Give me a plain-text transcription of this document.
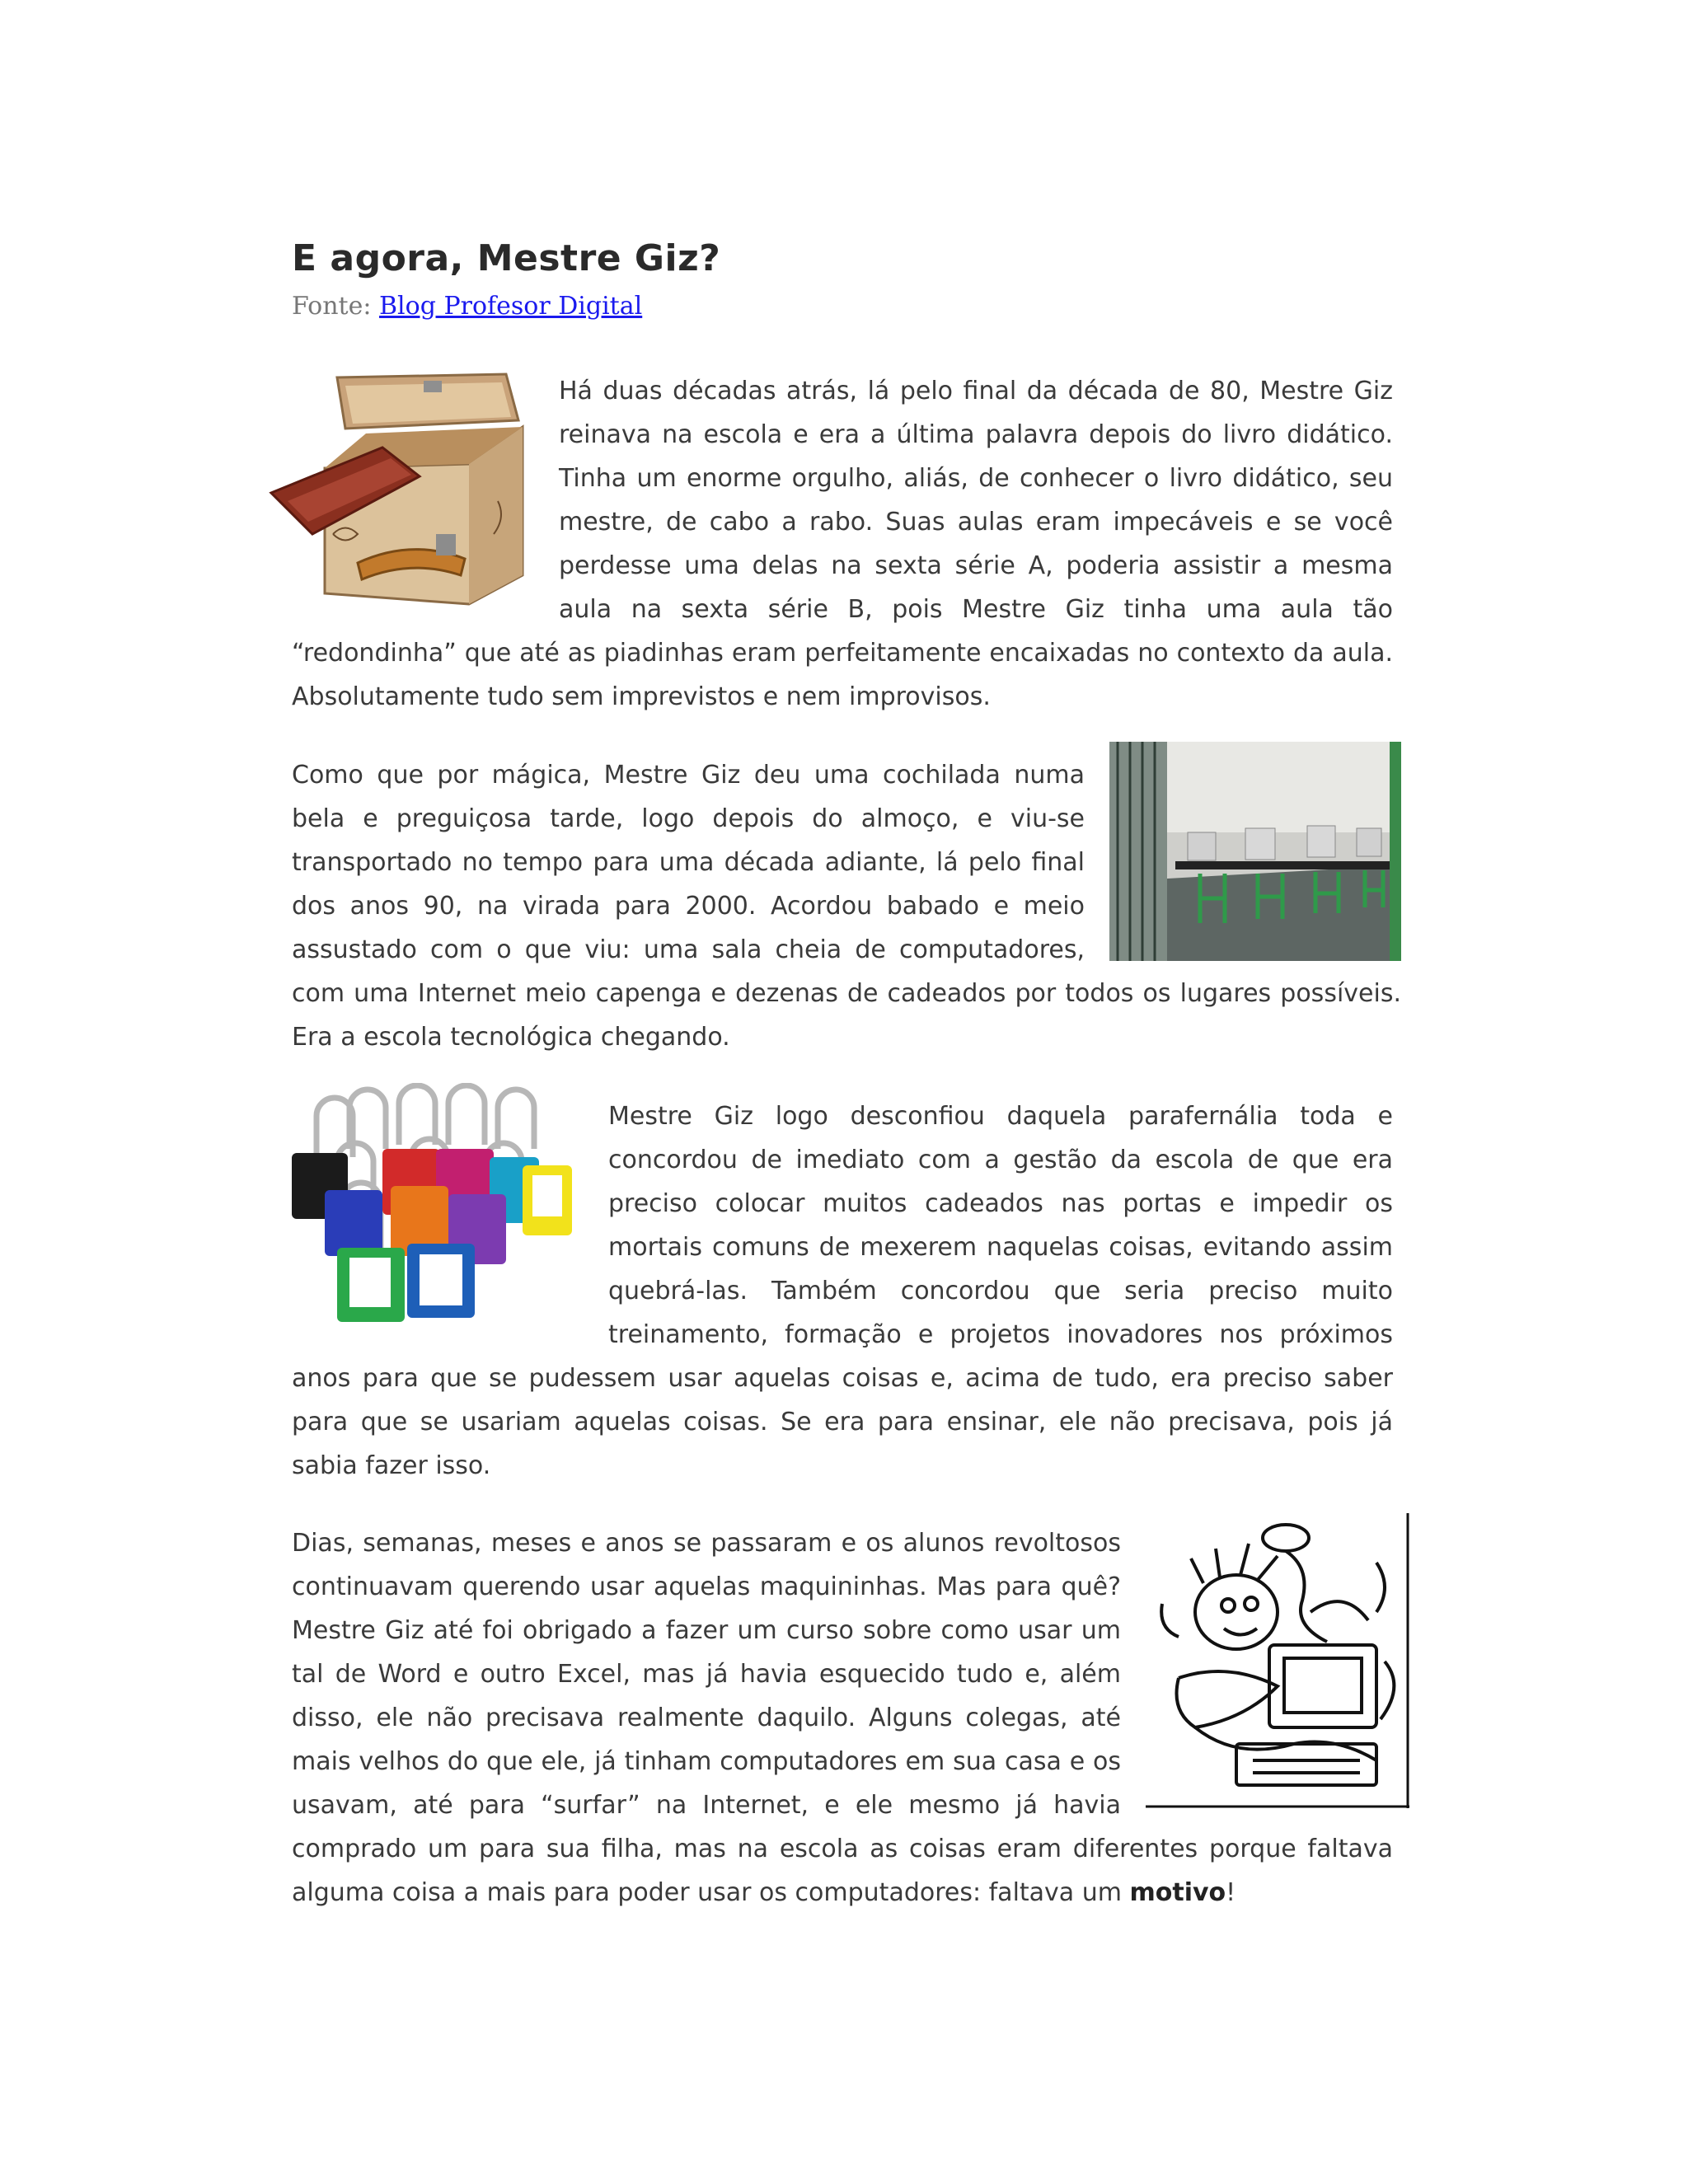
E agora, Mestre Giz?
Fonte: Blog Profesor Digital
Há duas décadas atrás, lá pelo final da década de 80, Mestre Giz reinava na escola e era a última palavra depois do livro didático. Tinha um enorme orgulho, aliás, de conhecer o livro didático, seu mestre, de cabo a rabo. Suas aulas eram impecáveis e se você perdesse uma delas na sexta série A, poderia assistir a mesma aula na sexta série B, pois Mestre Giz tinha uma aula tão “redondinha” que até as piadinhas eram perfeitamente encaixadas no contexto da aula. Absolutamente tudo sem imprevistos e nem improvisos.
Como que por mágica, Mestre Giz deu uma cochilada numa bela e preguiçosa tarde, logo depois do almoço, e viu-se transportado no tempo para uma década adiante, lá pelo final dos anos 90, na virada para 2000. Acordou babado e meio assustado com o que viu: uma sala cheia de computadores, com uma Internet meio capenga e dezenas de cadeados por todos os lugares possíveis. Era a escola tecnológica chegando.
Mestre Giz logo desconfiou daquela parafernália toda e concordou de imediato com a gestão da escola de que era preciso colocar muitos cadeados nas portas e impedir os mortais comuns de mexerem naquelas coisas, evitando assim quebrá-las. Também concordou que seria preciso muito treinamento, formação e projetos inovadores nos próximos anos para que se pudessem usar aquelas coisas e, acima de tudo, era preciso saber para que se usariam aquelas coisas. Se era para ensinar, ele não precisava, pois já sabia fazer isso.
Dias, semanas, meses e anos se passaram e os alunos revoltosos continuavam querendo usar aquelas maquininhas. Mas para quê? Mestre Giz até foi obrigado a fazer um curso sobre como usar um tal de Word e outro Excel, mas já havia esquecido tudo e, além disso, ele não precisava realmente daquilo. Alguns colegas, até mais velhos do que ele, já tinham computadores em sua casa e os usavam, até para “surfar” na Internet, e ele mesmo já havia comprado um para sua filha, mas na escola as coisas eram diferentes porque faltava alguma coisa a mais para poder usar os computadores: faltava um motivo!
